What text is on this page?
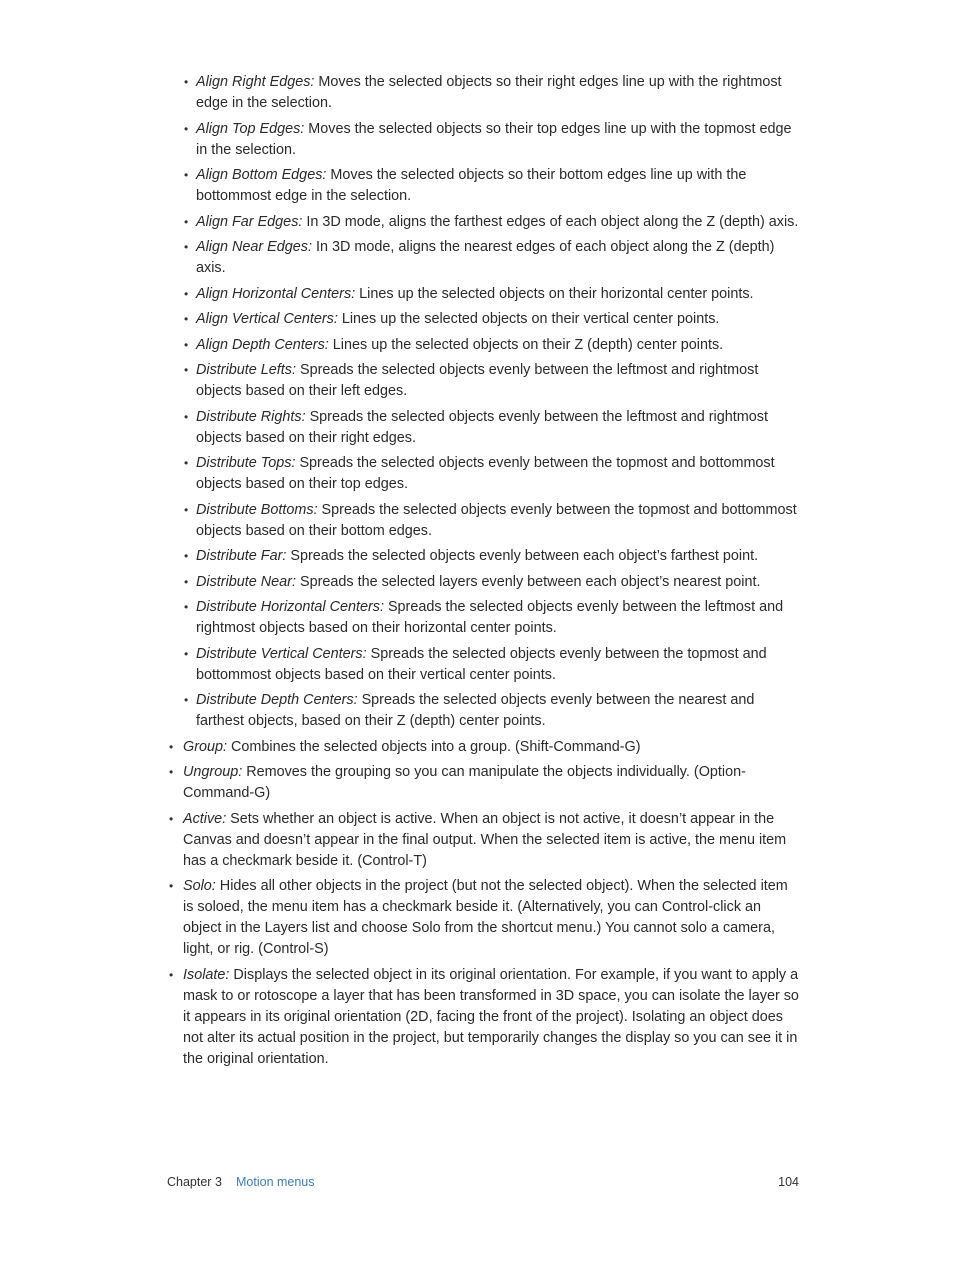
• Align Right Edges: Moves the selected objects so their right edges line up with the rightmost edge in the selection.
• Align Top Edges: Moves the selected objects so their top edges line up with the topmost edge in the selection.
• Align Bottom Edges: Moves the selected objects so their bottom edges line up with the bottommost edge in the selection.
• Align Far Edges: In 3D mode, aligns the farthest edges of each object along the Z (depth) axis.
• Align Near Edges: In 3D mode, aligns the nearest edges of each object along the Z (depth) axis.
• Align Horizontal Centers: Lines up the selected objects on their horizontal center points.
• Align Vertical Centers: Lines up the selected objects on their vertical center points.
• Align Depth Centers: Lines up the selected objects on their Z (depth) center points.
• Distribute Lefts: Spreads the selected objects evenly between the leftmost and rightmost objects based on their left edges.
• Distribute Rights: Spreads the selected objects evenly between the leftmost and rightmost objects based on their right edges.
• Distribute Tops: Spreads the selected objects evenly between the topmost and bottommost objects based on their top edges.
• Distribute Bottoms: Spreads the selected objects evenly between the topmost and bottommost objects based on their bottom edges.
• Distribute Far: Spreads the selected objects evenly between each object’s farthest point.
• Distribute Near: Spreads the selected layers evenly between each object’s nearest point.
• Distribute Horizontal Centers: Spreads the selected objects evenly between the leftmost and rightmost objects based on their horizontal center points.
• Distribute Vertical Centers: Spreads the selected objects evenly between the topmost and bottommost objects based on their vertical center points.
• Distribute Depth Centers: Spreads the selected objects evenly between the nearest and farthest objects, based on their Z (depth) center points.
• Group: Combines the selected objects into a group. (Shift-Command-G)
• Ungroup: Removes the grouping so you can manipulate the objects individually. (Option-Command-G)
• Active: Sets whether an object is active. When an object is not active, it doesn’t appear in the Canvas and doesn’t appear in the final output. When the selected item is active, the menu item has a checkmark beside it. (Control-T)
• Solo: Hides all other objects in the project (but not the selected object). When the selected item is soloed, the menu item has a checkmark beside it. (Alternatively, you can Control-click an object in the Layers list and choose Solo from the shortcut menu.) You cannot solo a camera, light, or rig. (Control-S)
• Isolate: Displays the selected object in its original orientation. For example, if you want to apply a mask to or rotoscope a layer that has been transformed in 3D space, you can isolate the layer so it appears in its original orientation (2D, facing the front of the project). Isolating an object does not alter its actual position in the project, but temporarily changes the display so you can see it in the original orientation.
Chapter 3 Motion menus	104
